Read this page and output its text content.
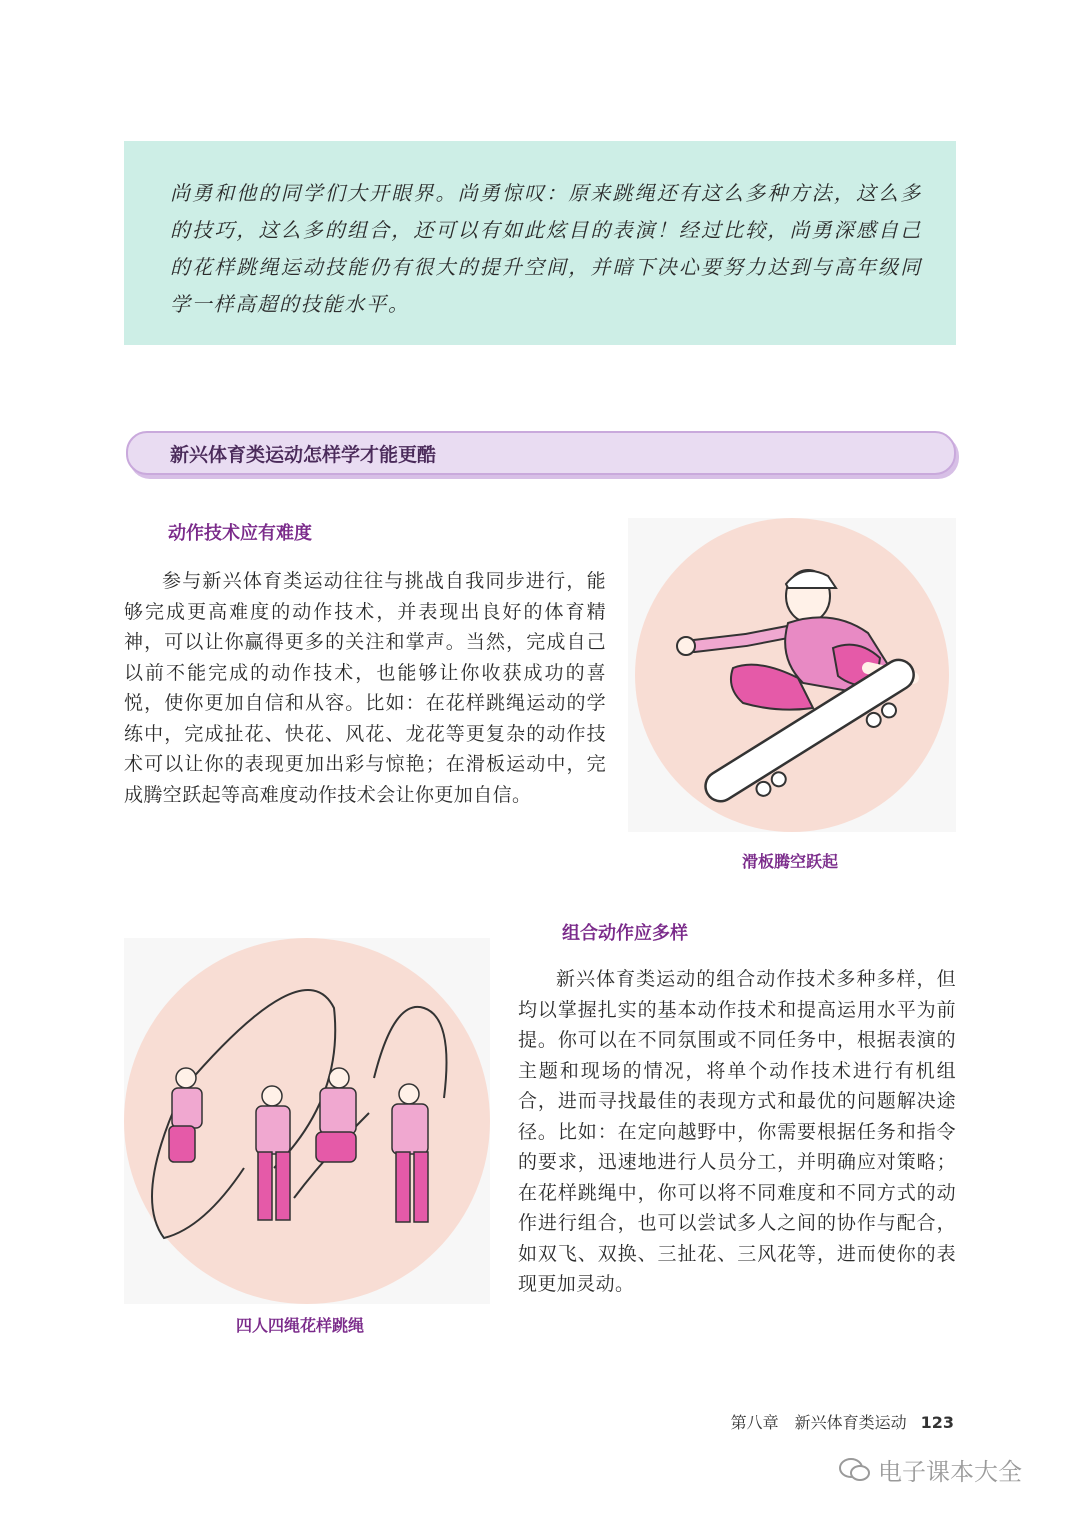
尚勇和他的同学们大开眼界。尚勇惊叹：原来跳绳还有这么多种方法，这么多的技巧，这么多的组合，还可以有如此炫目的表演！经过比较，尚勇深感自己的花样跳绳运动技能仍有很大的提升空间，并暗下决心要努力达到与高年级同学一样高超的技能水平。

新兴体育类运动怎样学才能更酷
动作技术应有难度

参与新兴体育类运动往往与挑战自我同步进行，能够完成更高难度的动作技术，并表现出良好的体育精神，可以让你赢得更多的关注和掌声。当然，完成自己以前不能完成的动作技术，也能够让你收获成功的喜悦，使你更加自信和从容。比如：在花样跳绳运动的学练中，完成扯花、快花、风花、龙花等更复杂的动作技术可以让你的表现更加出彩与惊艳；在滑板运动中，完成腾空跃起等高难度动作技术会让你更加自信。

滑板腾空跃起
组合动作应多样

新兴体育类运动的组合动作技术多种多样，但均以掌握扎实的基本动作技术和提高运用水平为前提。你可以在不同氛围或不同任务中，根据表演的主题和现场的情况，将单个动作技术进行有机组合，进而寻找最佳的表现方式和最优的问题解决途径。比如：在定向越野中，你需要根据任务和指令的要求，迅速地进行人员分工，并明确应对策略；在花样跳绳中，你可以将不同难度和不同方式的动作进行组合，也可以尝试多人之间的协作与配合，如双飞、双换、三扯花、三风花等，进而使你的表现更加灵动。

四人四绳花样跳绳
第八章　新兴体育类运动 123
电子课本大全
